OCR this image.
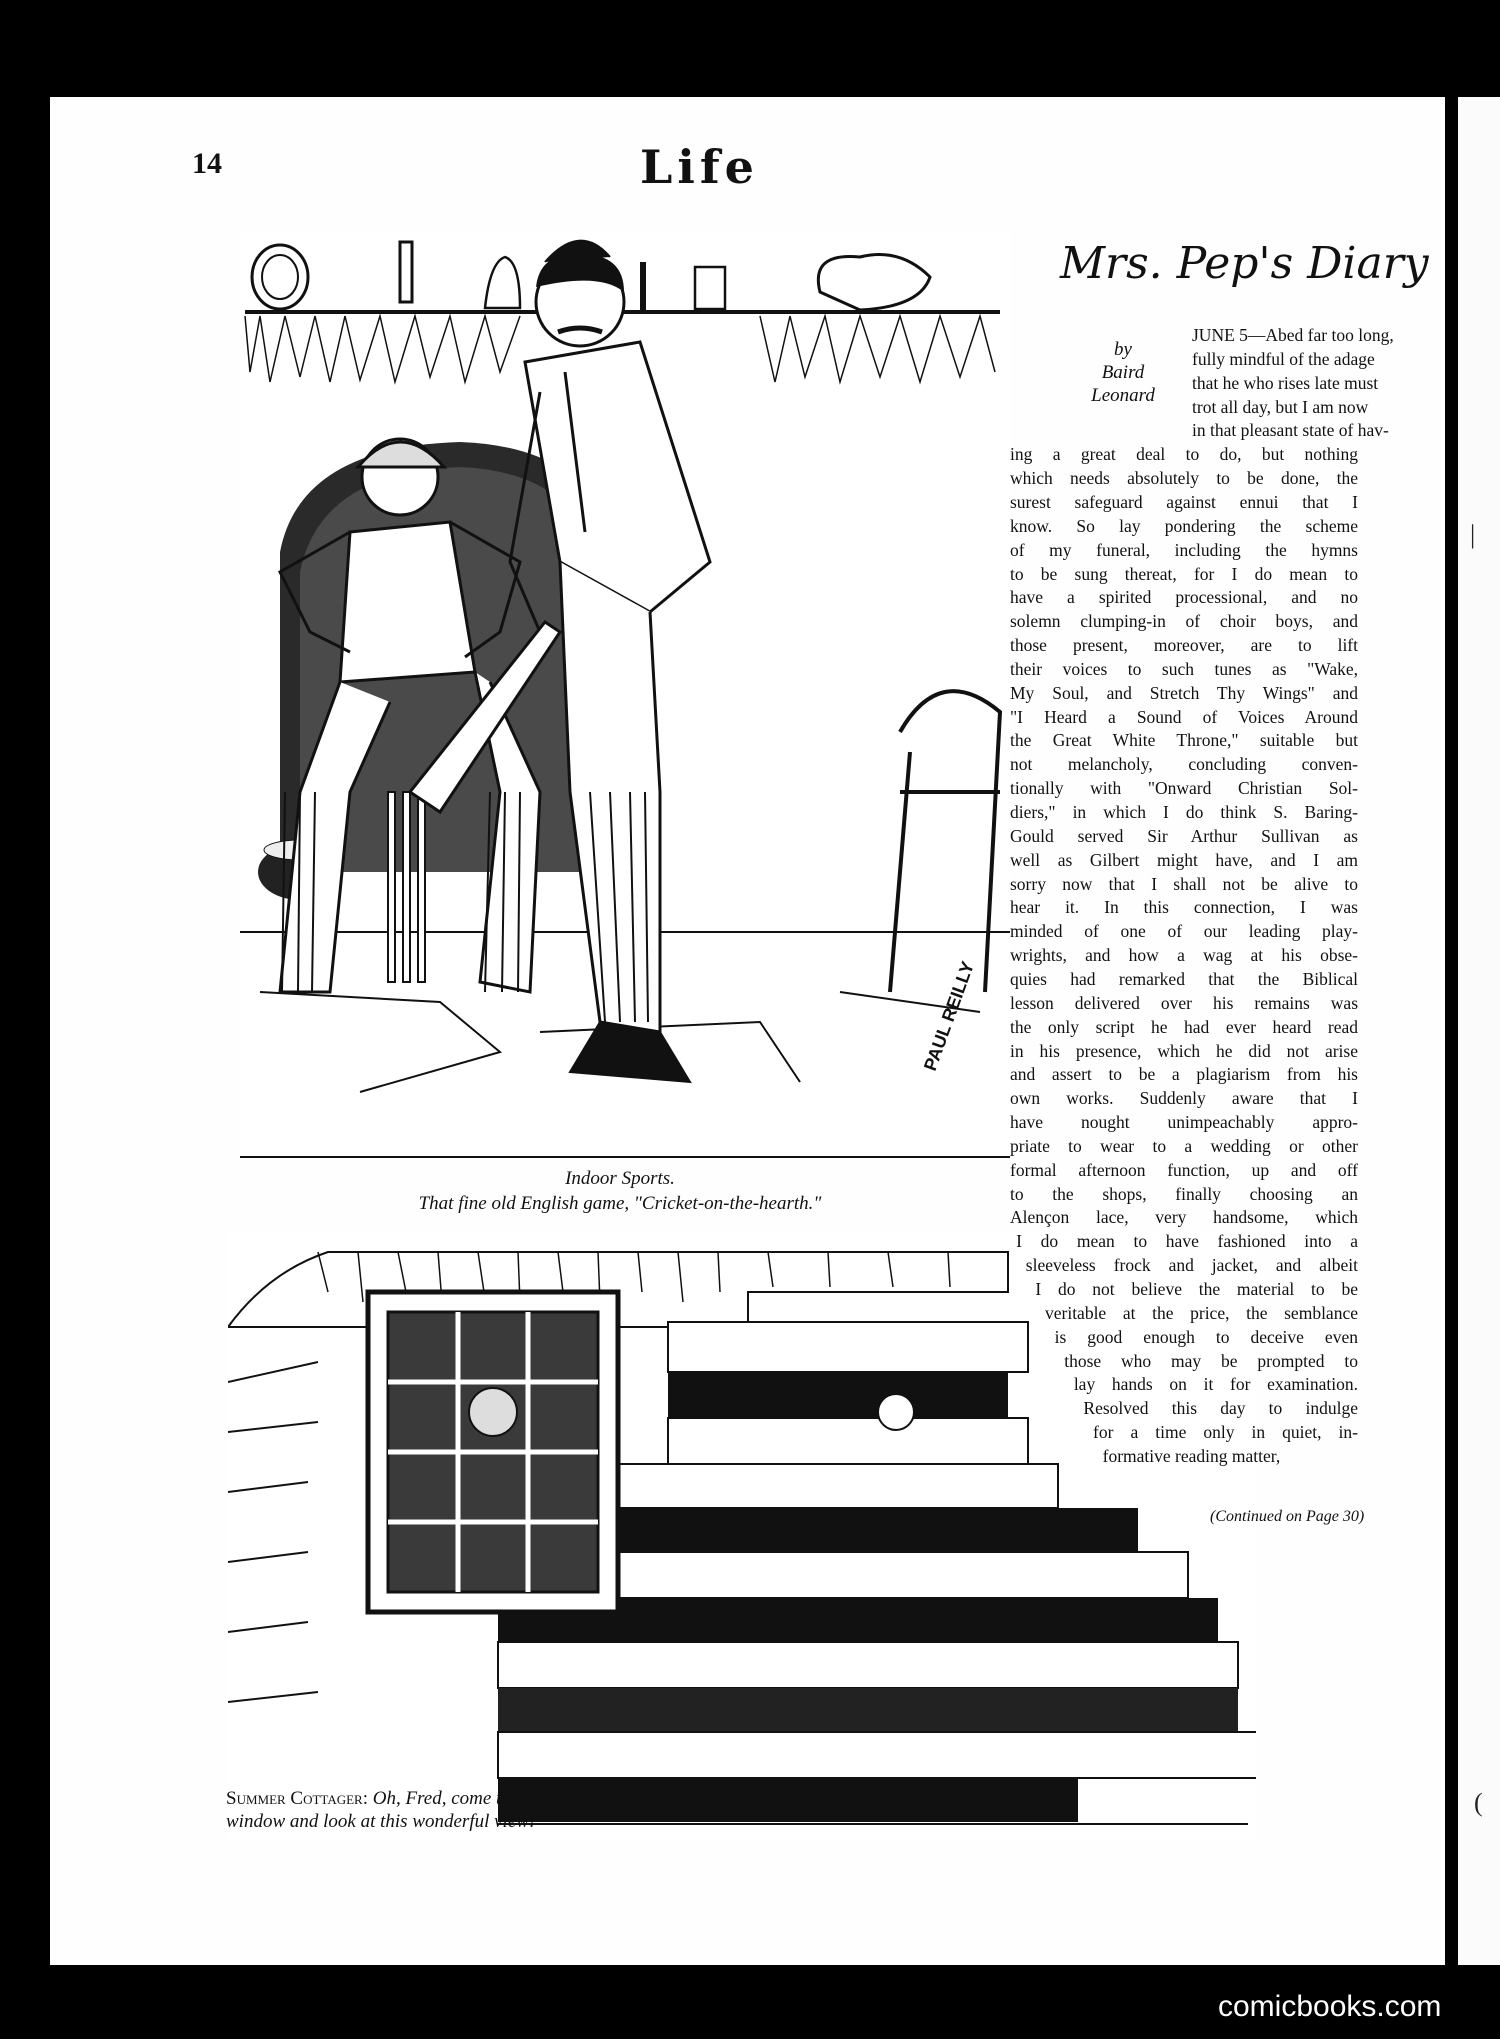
|
(
14	Life
PAUL REILLY
Indoor Sports.
That fine old English game, "Cricket-on-the-hearth."
ELLWOOD
Summer Cottager: Oh, Fred, come to the window and look at this wonderful view!
Mrs. Pep's Diary
by
Baird
Leonard
JUNE 5—Abed far too long,
fully mindful of the adage
that he who rises late must
trot all day, but I am now
in that pleasant state of hav-
ing a great deal to do, but nothing
which needs absolutely to be done, the
surest safeguard against ennui that I
know. So lay pondering the scheme
of my funeral, including the hymns
to be sung thereat, for I do mean to
have a spirited processional, and no
solemn clumping-in of choir boys, and
those present, moreover, are to lift
their voices to such tunes as "Wake,
My Soul, and Stretch Thy Wings" and
"I Heard a Sound of Voices Around
the Great White Throne," suitable but
not melancholy, concluding conven-
tionally with "Onward Christian Sol-
diers," in which I do think S. Baring-
Gould served Sir Arthur Sullivan as
well as Gilbert might have, and I am
sorry now that I shall not be alive to
hear it. In this connection, I was
minded of one of our leading play-
wrights, and how a wag at his obse-
quies had remarked that the Biblical
lesson delivered over his remains was
the only script he had ever heard read
in his presence, which he did not arise
and assert to be a plagiarism from his
own works. Suddenly aware that I
have nought unimpeachably appro-
priate to wear to a wedding or other
formal afternoon function, up and off
to the shops, finally choosing an
Alençon lace, very handsome, which
I do mean to have fashioned into a
sleeveless frock and jacket, and albeit
I do not believe the material to be
veritable at the price, the semblance
is good enough to deceive even
those who may be prompted to
lay hands on it for examination.
Resolved this day to indulge
for a time only in quiet, in-
formative reading matter,
(Continued on Page 30)
comicbooks.com
